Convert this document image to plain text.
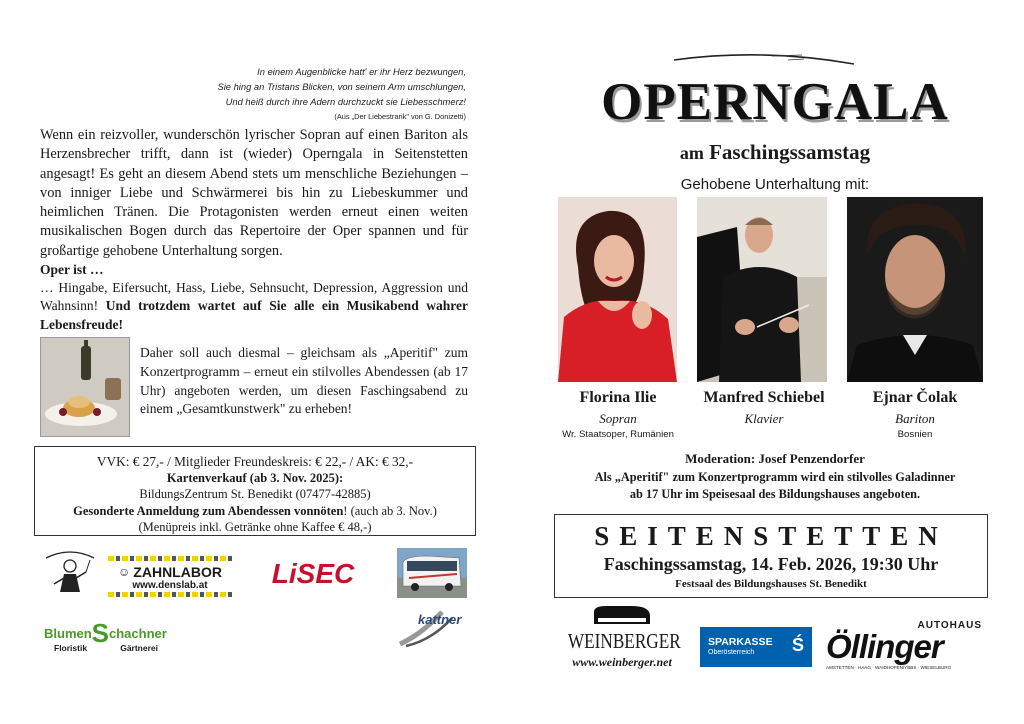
In einem Augenblicke hatt' er ihr Herz bezwungen,
Sie hing an Tristans Blicken, von seinem Arm umschlungen,
Und heiß durch ihre Adern durchzuckt sie Liebesschmerz!
(Aus „Der Liebestrank" von G. Donizetti)
Wenn ein reizvoller, wunderschön lyrischer Sopran auf einen Bariton als Herzensbrecher trifft, dann ist (wieder) Operngala in Seitenstetten angesagt! Es geht an diesem Abend stets um menschliche Beziehungen – von inniger Liebe und Schwärmerei bis hin zu Liebeskummer und heimlichen Tränen. Die Protagonisten werden erneut einen weiten musikalischen Bogen durch das Repertoire der Oper spannen und für großartige gehobene Unterhaltung sorgen.
Oper ist …
… Hingabe, Eifersucht, Hass, Liebe, Sehnsucht, Depression, Aggression und Wahnsinn! Und trotzdem wartet auf Sie alle ein Musikabend wahrer Lebensfreude!
Daher soll auch diesmal – gleichsam als „Aperitif" zum Konzertprogramm – erneut ein stilvolles Abendessen (ab 17 Uhr) angeboten werden, um diesen Faschingsabend zu einem „Gesamtkunstwerk" zu erheben!
VVK: € 27,- / Mitglieder Freundeskreis: € 22,- / AK: € 32,-
Kartenverkauf (ab 3. Nov. 2025):
BildungsZentrum St. Benedikt (07477-42885)
Gesonderte Anmeldung zum Abendessen vonnöten! (auch ab 3. Nov.)
(Menüpreis inkl. Getränke ohne Kaffee € 48,-)
☺ ZAHNLABOR
www.denslab.at	LiSEC
BlumenSchachner
Floristik	Gärtnerei
kattner
OPERNGALA
am Faschingssamstag
Gehobene Unterhaltung mit:
Florina Ilie
Sopran
Wr. Staatsoper, Rumänien
Manfred Schiebel
Klavier
Ejnar Čolak
Bariton
Bosnien
Moderation: Josef Penzendorfer
Als „Aperitif" zum Konzertprogramm wird ein stilvolles Galadinner
ab 17 Uhr im Speisesaal des Bildungshauses angeboten.
SEITENSTETTEN
Faschingssamstag, 14. Feb. 2026, 19:30 Uhr
Festsaal des Bildungshauses St. Benedikt
WEINBERGER
www.weinberger.net
SPARKASSE
Oberösterreich Ś
AUTOHAUS
Öllinger
AMSTETTEN · HAAG · WAIDHOFEN/YBBS · WIESELBURG
